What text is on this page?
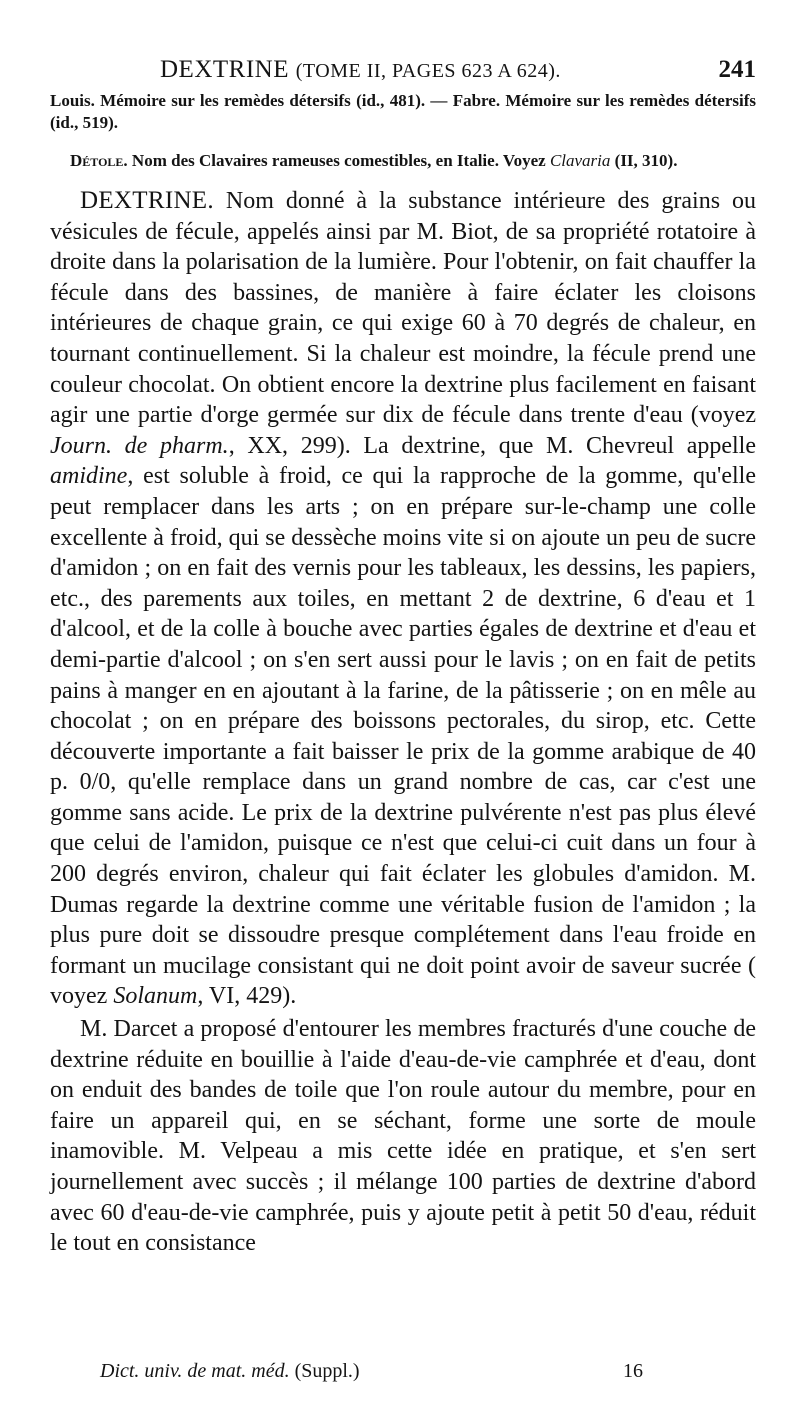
DEXTRINE (TOME II, PAGES 623 A 624).	241

Louis. Mémoire sur les remèdes détersifs (id., 481). — Fabre. Mémoire sur les remèdes détersifs (id., 519).

Détole. Nom des Clavaires rameuses comestibles, en Italie. Voyez Clavaria (II, 310).

DEXTRINE. Nom donné à la substance intérieure des grains ou vésicules de fécule, appelés ainsi par M. Biot, de sa propriété rotatoire à droite dans la polarisation de la lumière. Pour l'obtenir, on fait chauffer la fécule dans des bassines, de manière à faire éclater les cloisons intérieures de chaque grain, ce qui exige 60 à 70 degrés de chaleur, en tournant continuellement. Si la chaleur est moindre, la fécule prend une couleur chocolat. On obtient encore la dextrine plus facilement en faisant agir une partie d'orge germée sur dix de fécule dans trente d'eau (voyez Journ. de pharm., XX, 299). La dextrine, que M. Chevreul appelle amidine, est soluble à froid, ce qui la rapproche de la gomme, qu'elle peut remplacer dans les arts ; on en prépare sur-le-champ une colle excellente à froid, qui se dessèche moins vite si on ajoute un peu de sucre d'amidon ; on en fait des vernis pour les tableaux, les dessins, les papiers, etc., des parements aux toiles, en mettant 2 de dextrine, 6 d'eau et 1 d'alcool, et de la colle à bouche avec parties égales de dextrine et d'eau et demi-partie d'alcool ; on s'en sert aussi pour le lavis ; on en fait de petits pains à manger en en ajoutant à la farine, de la pâtisserie ; on en mêle au chocolat ; on en prépare des boissons pectorales, du sirop, etc. Cette découverte importante a fait baisser le prix de la gomme arabique de 40 p. 0/0, qu'elle remplace dans un grand nombre de cas, car c'est une gomme sans acide. Le prix de la dextrine pulvérente n'est pas plus élevé que celui de l'amidon, puisque ce n'est que celui-ci cuit dans un four à 200 degrés environ, chaleur qui fait éclater les globules d'amidon. M. Dumas regarde la dextrine comme une véritable fusion de l'amidon ; la plus pure doit se dissoudre presque complétement dans l'eau froide en formant un mucilage consistant qui ne doit point avoir de saveur sucrée ( voyez Solanum, VI, 429).

M. Darcet a proposé d'entourer les membres fracturés d'une couche de dextrine réduite en bouillie à l'aide d'eau-de-vie camphrée et d'eau, dont on enduit des bandes de toile que l'on roule autour du membre, pour en faire un appareil qui, en se séchant, forme une sorte de moule inamovible. M. Velpeau a mis cette idée en pratique, et s'en sert journellement avec succès ; il mélange 100 parties de dextrine d'abord avec 60 d'eau-de-vie camphrée, puis y ajoute petit à petit 50 d'eau, réduit le tout en consistance

Dict. univ. de mat. méd. (Suppl.)	16
